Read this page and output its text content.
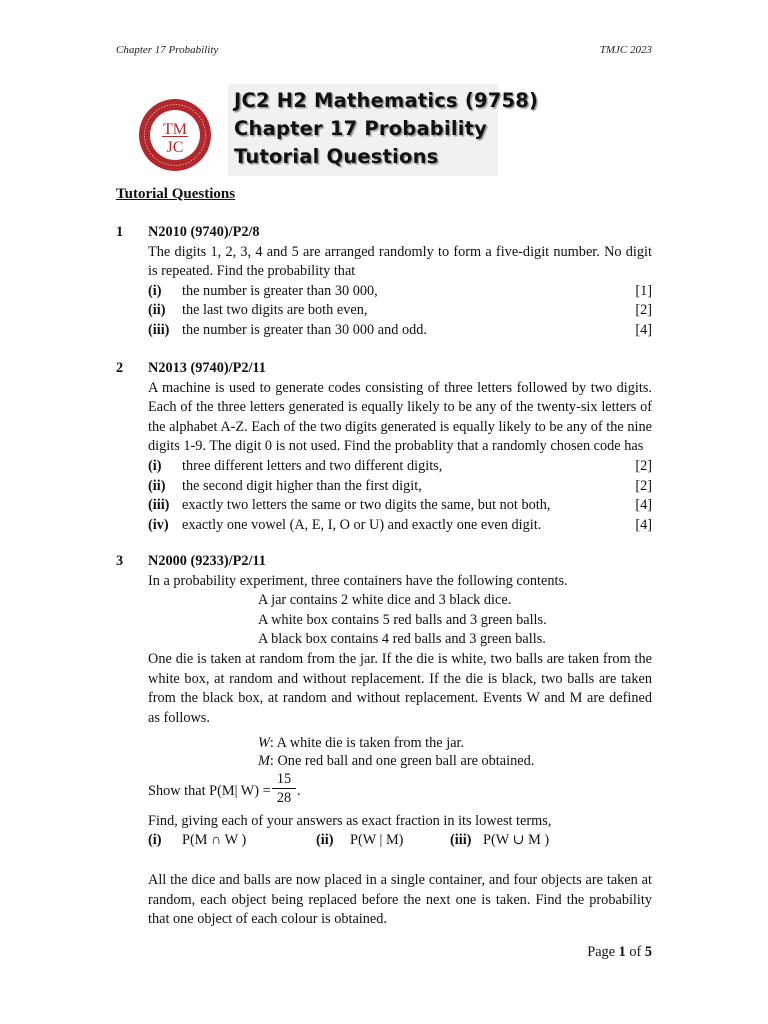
Chapter 17 Probability	TMJC 2023
TM
JC
JC2 H2 Mathematics (9758)
Chapter 17 Probability
Tutorial Questions
Tutorial Questions
1 N2010 (9740)/P2/8
The digits 1, 2, 3, 4 and 5 are arranged randomly to form a five-digit number. No digit is repeated. Find the probability that
(i) the number is greater than 30 000,	[1]
(ii) the last two digits are both even,	[2]
(iii) the number is greater than 30 000 and odd.	[4]
2 N2013 (9740)/P2/11
A machine is used to generate codes consisting of three letters followed by two digits. Each of the three letters generated is equally likely to be any of the twenty-six letters of the alphabet A-Z. Each of the two digits generated is equally likely to be any of the nine digits 1-9. The digit 0 is not used. Find the probablity that a randomly chosen code has
(i) three different letters and two different digits,	[2]
(ii) the second digit higher than the first digit,	[2]
(iii) exactly two letters the same or two digits the same, but not both,	[4]
(iv) exactly one vowel (A, E, I, O or U) and exactly one even digit.	[4]
3 N2000 (9233)/P2/11
In a probability experiment, three containers have the following contents.
A jar contains 2 white dice and 3 black dice.
A white box contains 5 red balls and 3 green balls.
A black box contains 4 red balls and 3 green balls.
One die is taken at random from the jar. If the die is white, two balls are taken from the white box, at random and without replacement. If the die is black, two balls are taken from the black box, at random and without replacement. Events W and M are defined as follows.
W: A white die is taken from the jar.
M: One red ball and one green ball are obtained.
Show that P(M| $W) = \frac{15}{28}$ .
Find, giving each of your answers as exact fraction in its lowest terms,
(i) P(M ∩ W )	(ii) P(W | M)	(iii) P(W ∪ M )
All the dice and balls are now placed in a single container, and four objects are taken at random, each object being replaced before the next one is taken. Find the probability that one object of each colour is obtained.
Page 1 of 5
